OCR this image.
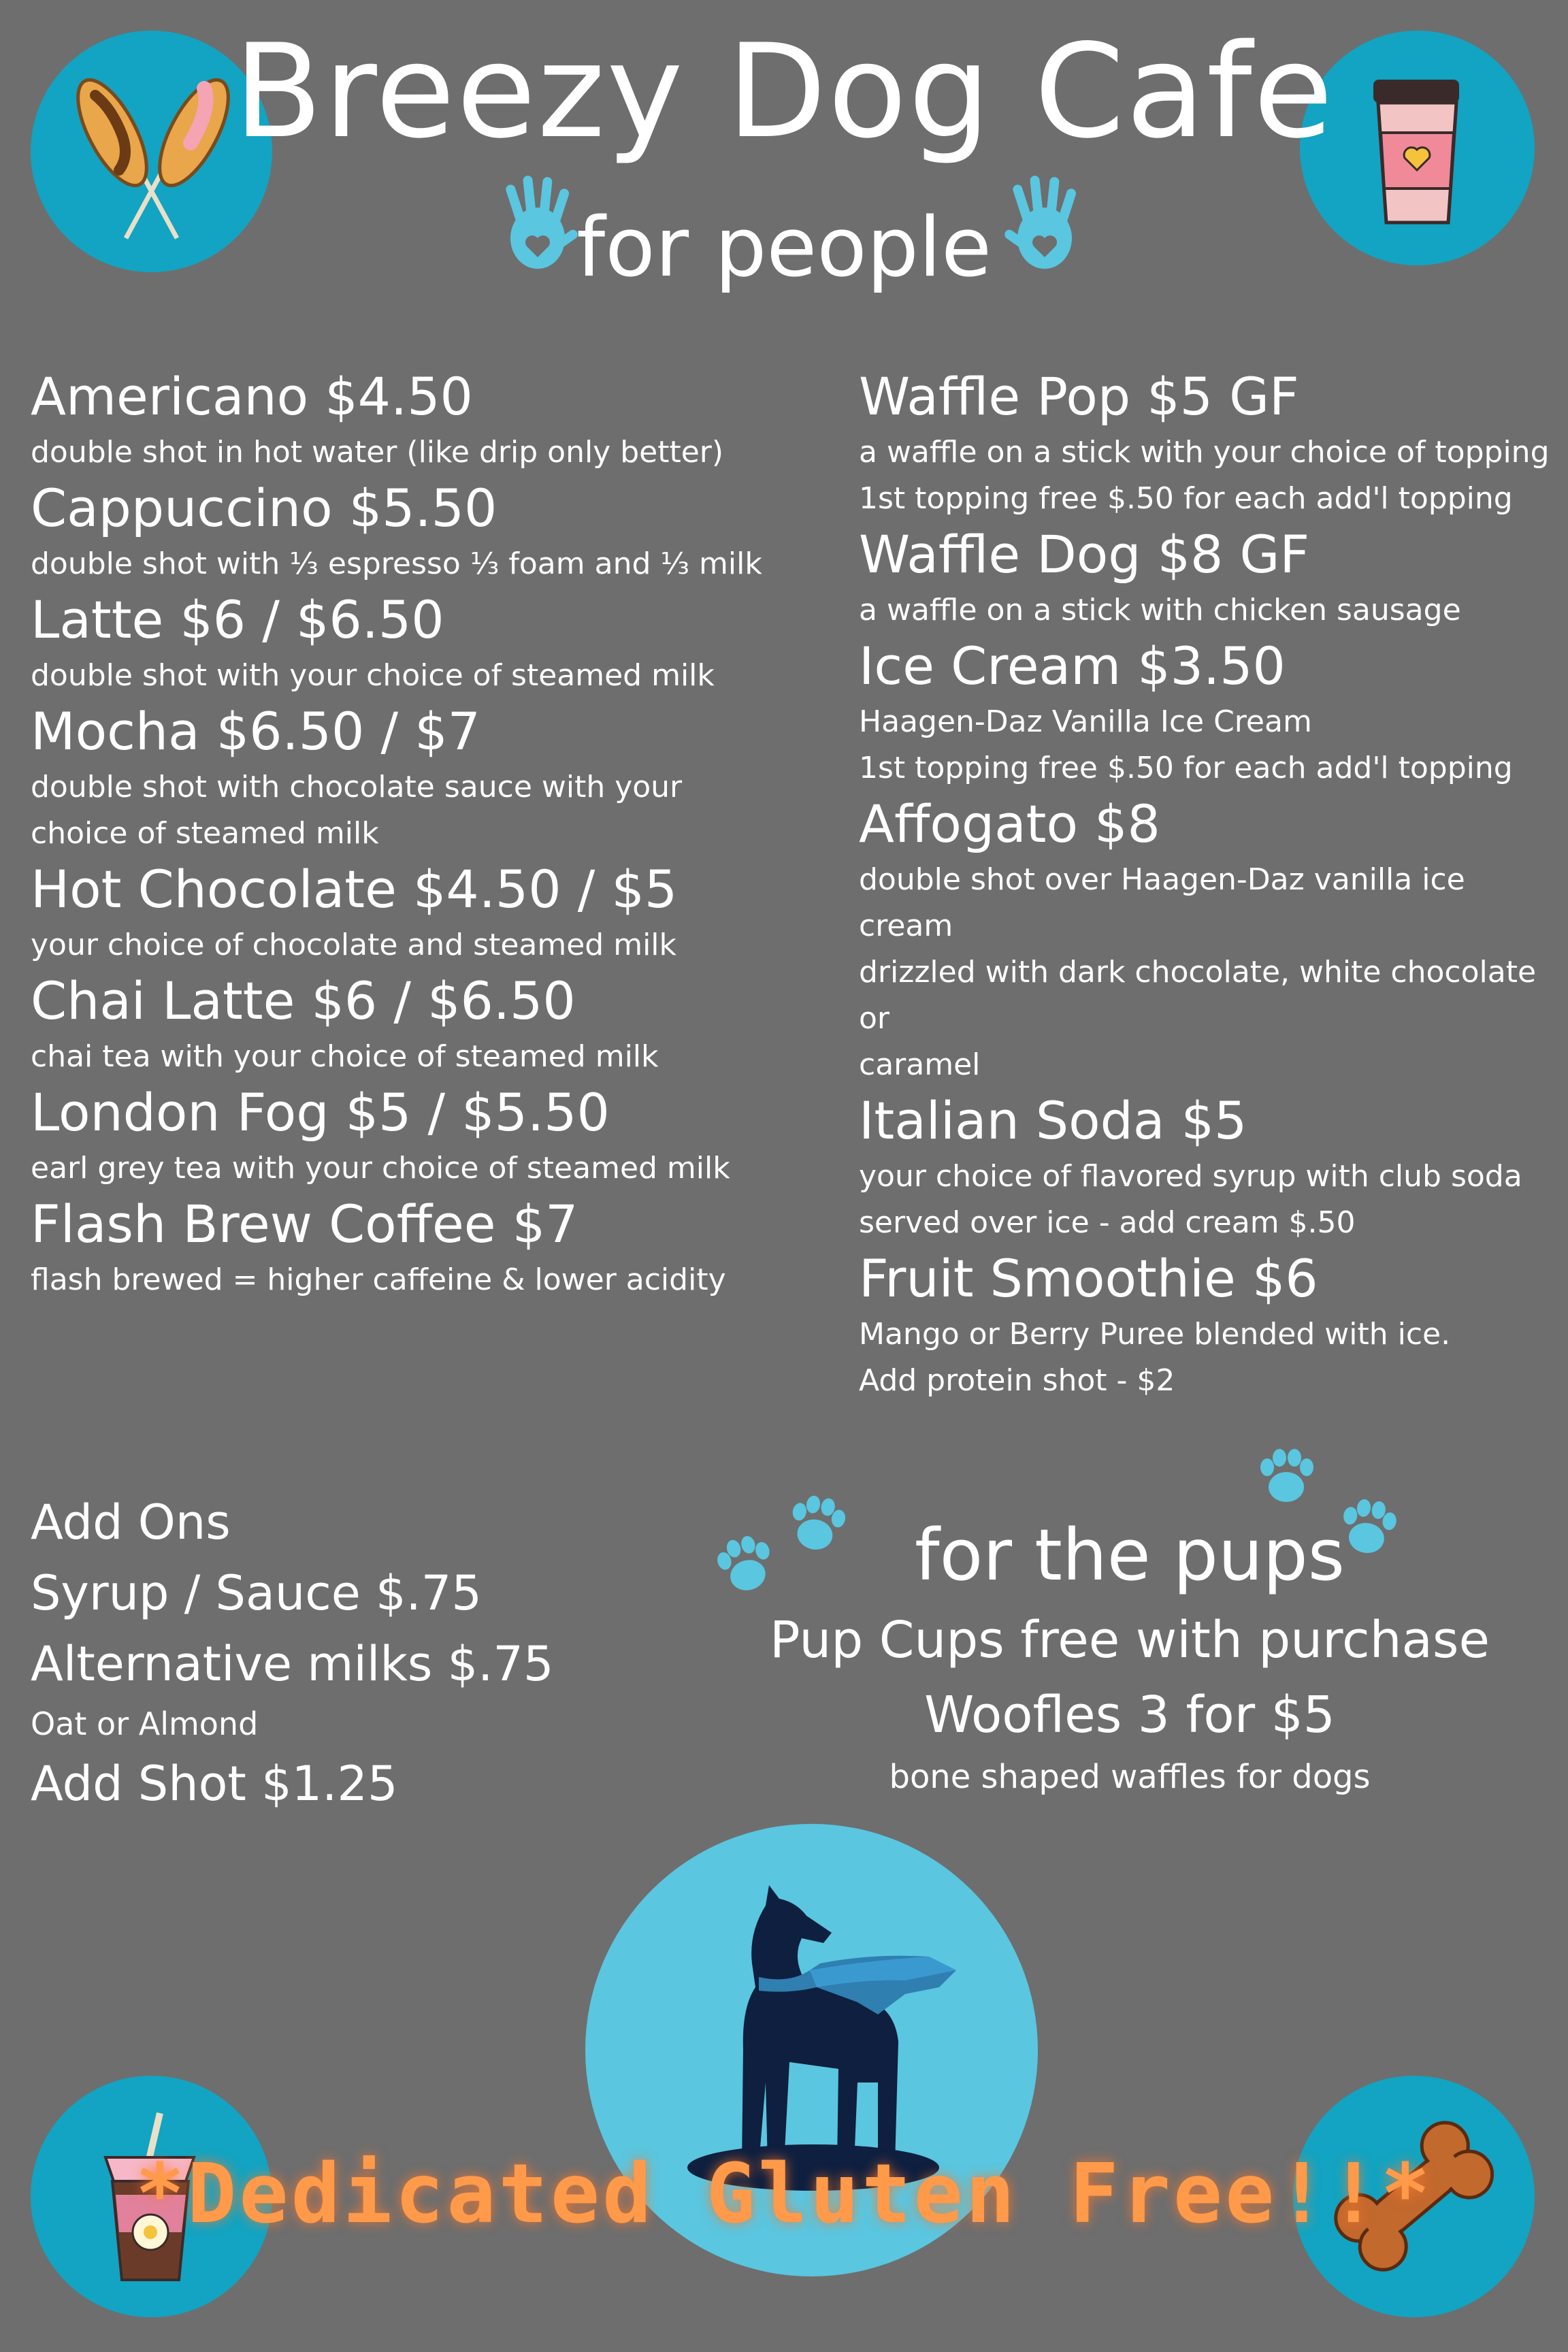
Breezy Dog Cafe
for people
Americano $4.50
double shot in hot water (like drip only better)
Cappuccino $5.50
double shot with ⅓ espresso ⅓ foam and ⅓ milk
Latte $6 / $6.50
double shot with your choice of steamed milk
Mocha $6.50 / $7
double shot with chocolate sauce with your
choice of steamed milk
Hot Chocolate $4.50 / $5
your choice of chocolate and steamed milk
Chai Latte $6 / $6.50
chai tea with your choice of steamed milk
London Fog $5 / $5.50
earl grey tea with your choice of steamed milk
Flash Brew Coffee $7
flash brewed = higher caffeine & lower acidity
Waffle Pop $5 GF
a waffle on a stick with your choice of topping
1st topping free $.50 for each add'l topping
Waffle Dog $8 GF
a waffle on a stick with chicken sausage
Ice Cream $3.50
Haagen-Daz Vanilla Ice Cream
1st topping free $.50 for each add'l topping
Affogato $8
double shot over Haagen-Daz vanilla ice cream
drizzled with dark chocolate, white chocolate or
caramel
Italian Soda $5
your choice of flavored syrup with club soda
served over ice - add cream $.50
Fruit Smoothie $6
Mango or Berry Puree blended with ice.
Add protein shot - $2
Add Ons
Syrup / Sauce $.75
Alternative milks $.75
Oat or Almond
Add Shot $1.25
for the pups
Pup Cups free with purchase
Woofles 3 for $5
bone shaped waffles for dogs
*Dedicated Gluten Free!!*
